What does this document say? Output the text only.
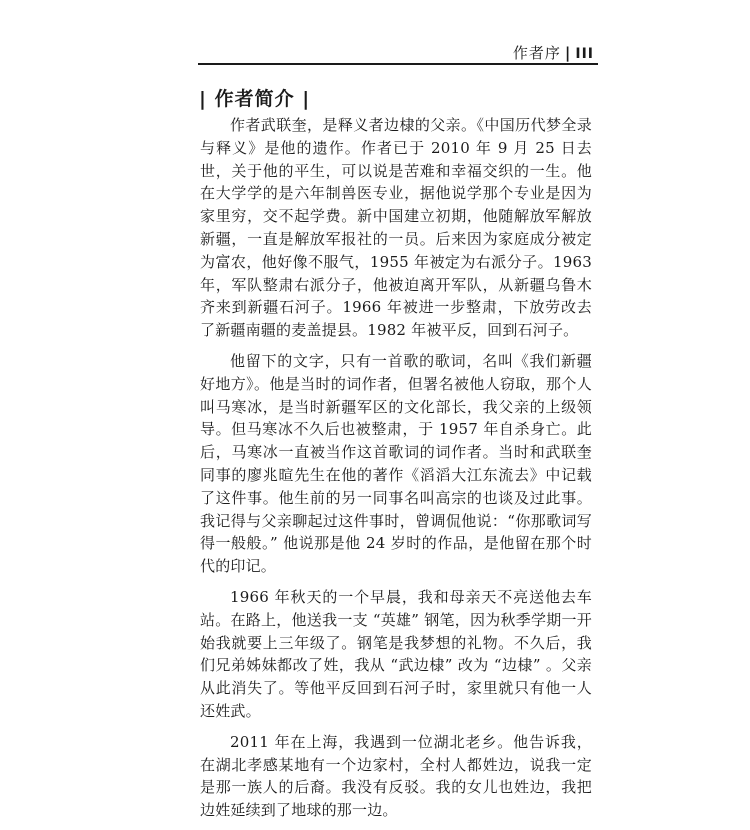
作者序 | III
| 作者简介 |

作者武联奎，是释义者边棣的父亲。《中国历代梦全录与释义》是他的遗作。作者已于 2010 年 9 月 25 日去世，关于他的平生，可以说是苦难和幸福交织的一生。他在大学学的是六年制兽医专业，据他说学那个专业是因为家里穷，交不起学费。新中国建立初期，他随解放军解放新疆，一直是解放军报社的一员。后来因为家庭成分被定为富农，他好像不服气，1955 年被定为右派分子。1963 年，军队整肃右派分子，他被迫离开军队，从新疆乌鲁木齐来到新疆石河子。1966 年被进一步整肃，下放劳改去了新疆南疆的麦盖提县。1982 年被平反，回到石河子。

他留下的文字，只有一首歌的歌词，名叫《我们新疆好地方》。他是当时的词作者，但署名被他人窃取，那个人叫马寒冰，是当时新疆军区的文化部长，我父亲的上级领导。但马寒冰不久后也被整肃，于 1957 年自杀身亡。此后，马寒冰一直被当作这首歌词的词作者。当时和武联奎同事的廖兆暄先生在他的著作《滔滔大江东流去》中记载了这件事。他生前的另一同事名叫高宗的也谈及过此事。我记得与父亲聊起过这件事时，曾调侃他说：“你那歌词写得一般般。” 他说那是他 24 岁时的作品，是他留在那个时代的印记。

1966 年秋天的一个早晨，我和母亲天不亮送他去车站。在路上，他送我一支 “英雄” 钢笔，因为秋季学期一开始我就要上三年级了。钢笔是我梦想的礼物。不久后，我们兄弟姊妹都改了姓，我从 “武边棣” 改为 “边棣” 。父亲从此消失了。等他平反回到石河子时，家里就只有他一人还姓武。

2011 年在上海，我遇到一位湖北老乡。他告诉我，在湖北孝感某地有一个边家村，全村人都姓边，说我一定是那一族人的后裔。我没有反驳。我的女儿也姓边，我把边姓延续到了地球的那一边。
